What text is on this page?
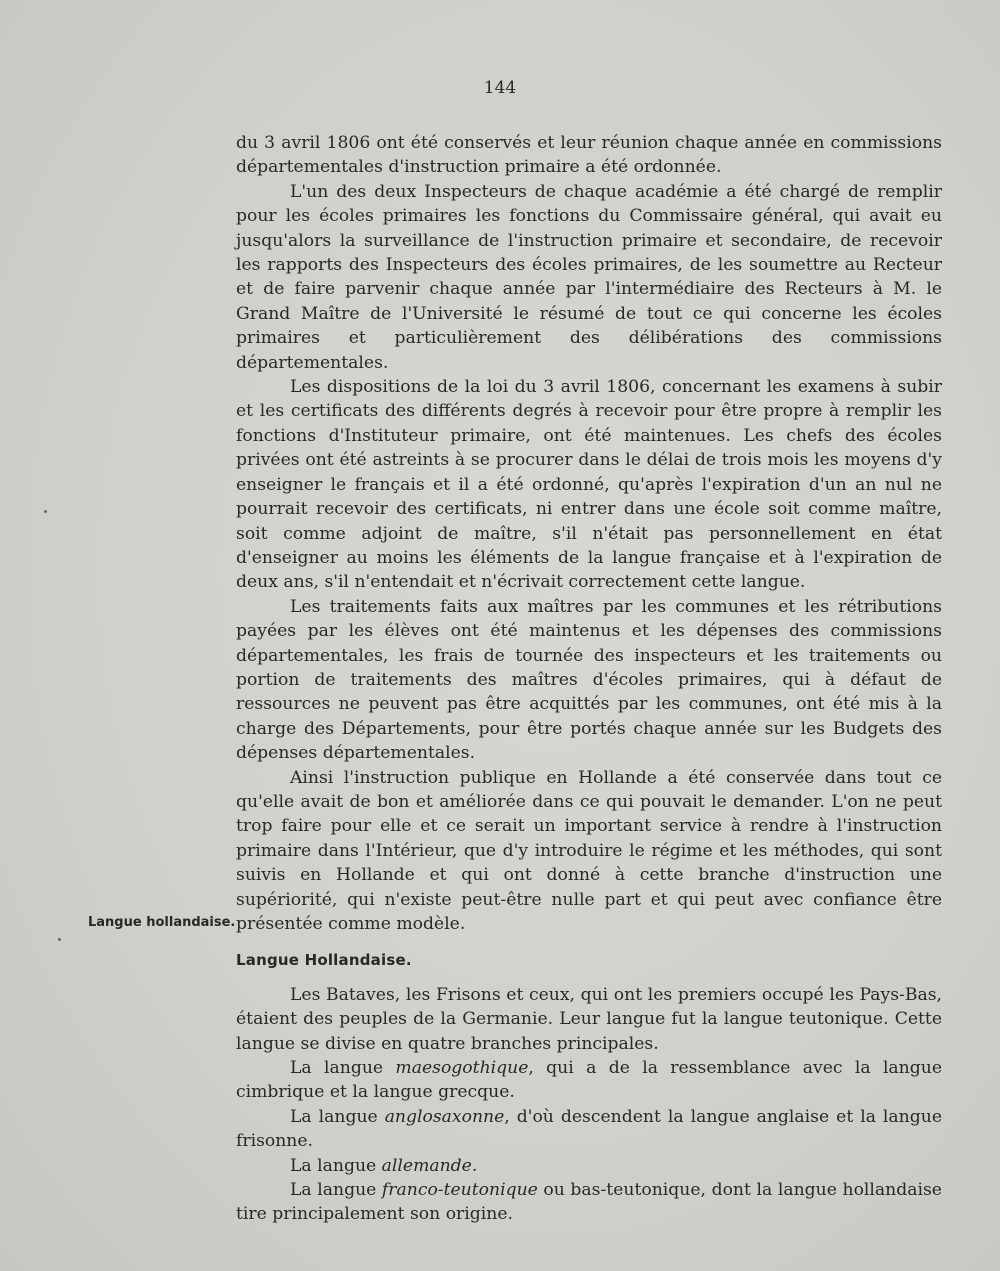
144

du 3 avril 1806 ont été conservés et leur réunion chaque année en commissions départementales d'instruction primaire a été ordonnée.

L'un des deux Inspecteurs de chaque académie a été chargé de remplir pour les écoles primaires les fonctions du Commissaire général, qui avait eu jusqu'alors la surveillance de l'instruction primaire et secondaire, de recevoir les rapports des Inspecteurs des écoles primaires, de les soumettre au Recteur et de faire parvenir chaque année par l'intermédiaire des Recteurs à M. le Grand Maître de l'Université le résumé de tout ce qui concerne les écoles primaires et particulièrement des délibérations des commissions départementales.

Les dispositions de la loi du 3 avril 1806, concernant les examens à subir et les certificats des différents degrés à recevoir pour être propre à remplir les fonctions d'Instituteur primaire, ont été maintenues. Les chefs des écoles privées ont été astreints à se procurer dans le délai de trois mois les moyens d'y enseigner le français et il a été ordonné, qu'après l'expiration d'un an nul ne pourrait recevoir des certificats, ni entrer dans une école soit comme maître, soit comme adjoint de maître, s'il n'était pas personnellement en état d'enseigner au moins les éléments de la langue française et à l'expiration de deux ans, s'il n'entendait et n'écrivait correctement cette langue.

Les traitements faits aux maîtres par les communes et les rétributions payées par les élèves ont été maintenus et les dépenses des commissions départementales, les frais de tournée des inspecteurs et les traitements ou portion de traitements des maîtres d'écoles primaires, qui à défaut de ressources ne peuvent pas être acquittés par les communes, ont été mis à la charge des Départements, pour être portés chaque année sur les Budgets des dépenses départementales.

Ainsi l'instruction publique en Hollande a été conservée dans tout ce qu'elle avait de bon et améliorée dans ce qui pouvait le demander. L'on ne peut trop faire pour elle et ce serait un important service à rendre à l'instruction primaire dans l'Intérieur, que d'y introduire le régime et les méthodes, qui sont suivis en Hollande et qui ont donné à cette branche d'instruction une supériorité, qui n'existe peut-être nulle part et qui peut avec confiance être présentée comme modèle.

Langue Hollandaise.

Les Bataves, les Frisons et ceux, qui ont les premiers occupé les Pays-Bas, étaient des peuples de la Germanie. Leur langue fut la langue teutonique. Cette langue se divise en quatre branches principales.

La langue maesogothique, qui a de la ressemblance avec la langue cimbrique et la langue grecque.

La langue anglosaxonne, d'où descendent la langue anglaise et la langue frisonne.

La langue allemande.

La langue franco-teutonique ou bas-teutonique, dont la langue hollandaise tire principalement son origine.

Langue hollandaise.
